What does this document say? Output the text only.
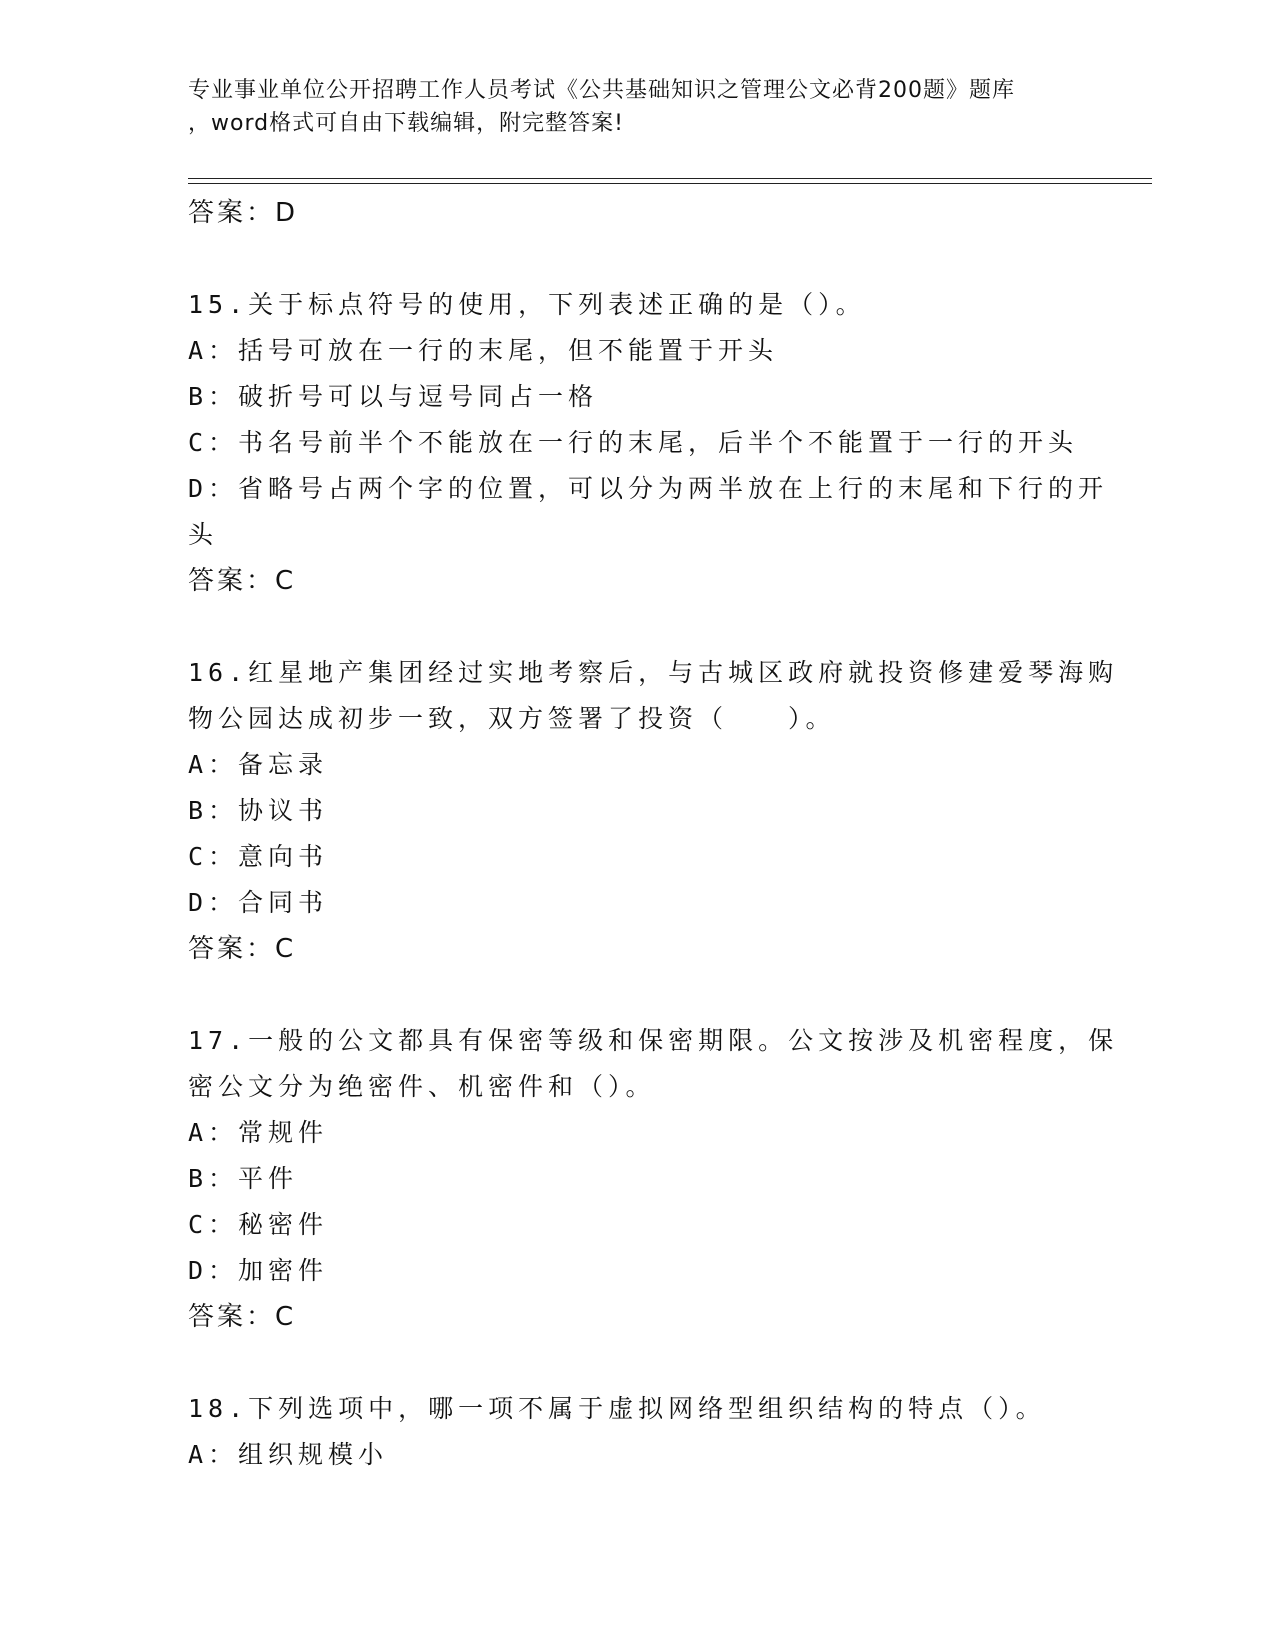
专业事业单位公开招聘工作人员考试《公共基础知识之管理公文必背200题》题库
，word格式可自由下载编辑，附完整答案!
答案：D
15.关于标点符号的使用，下列表述正确的是（）。
A：括号可放在一行的末尾，但不能置于开头
B：破折号可以与逗号同占一格
C：书名号前半个不能放在一行的末尾，后半个不能置于一行的开头
D：省略号占两个字的位置，可以分为两半放在上行的末尾和下行的开
头
答案：C
16.红星地产集团经过实地考察后，与古城区政府就投资修建爱琴海购
物公园达成初步一致，双方签署了投资（　　）。
A：备忘录
B：协议书
C：意向书
D：合同书
答案：C
17.一般的公文都具有保密等级和保密期限。公文按涉及机密程度，保
密公文分为绝密件、机密件和（）。
A：常规件
B：平件
C：秘密件
D：加密件
答案：C
18.下列选项中，哪一项不属于虚拟网络型组织结构的特点（）。
A：组织规模小
